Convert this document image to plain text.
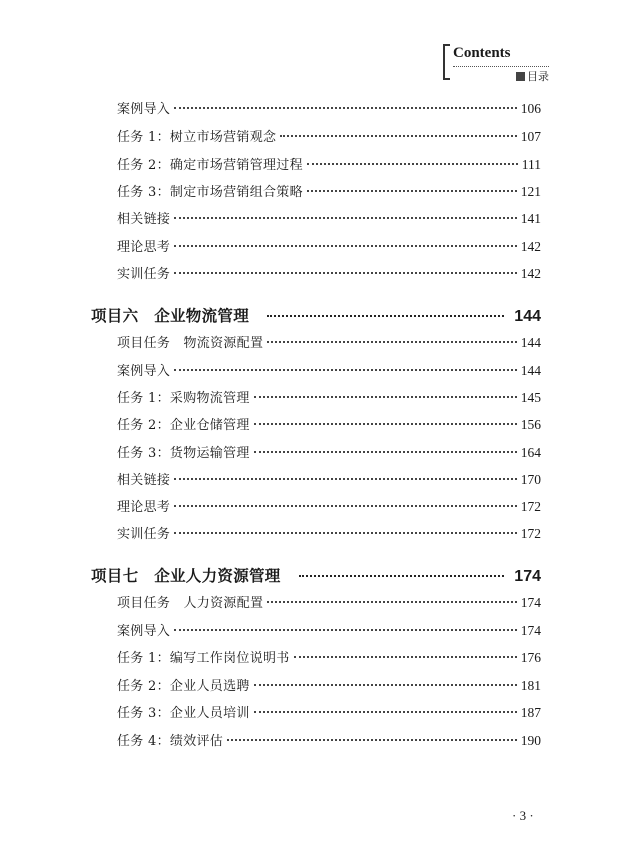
Contents
目录
案例导入	106
任务 1：树立市场营销观念	107
任务 2：确定市场营销管理过程	111
任务 3：制定市场营销组合策略	121
相关链接	141
理论思考	142
实训任务	142
项目六　企业物流管理	144
项目任务　物流资源配置	144
案例导入	144
任务 1：采购物流管理	145
任务 2：企业仓储管理	156
任务 3：货物运输管理	164
相关链接	170
理论思考	172
实训任务	172
项目七　企业人力资源管理	174
项目任务　人力资源配置	174
案例导入	174
任务 1：编写工作岗位说明书	176
任务 2：企业人员选聘	181
任务 3：企业人员培训	187
任务 4：绩效评估	190
· 3 ·
